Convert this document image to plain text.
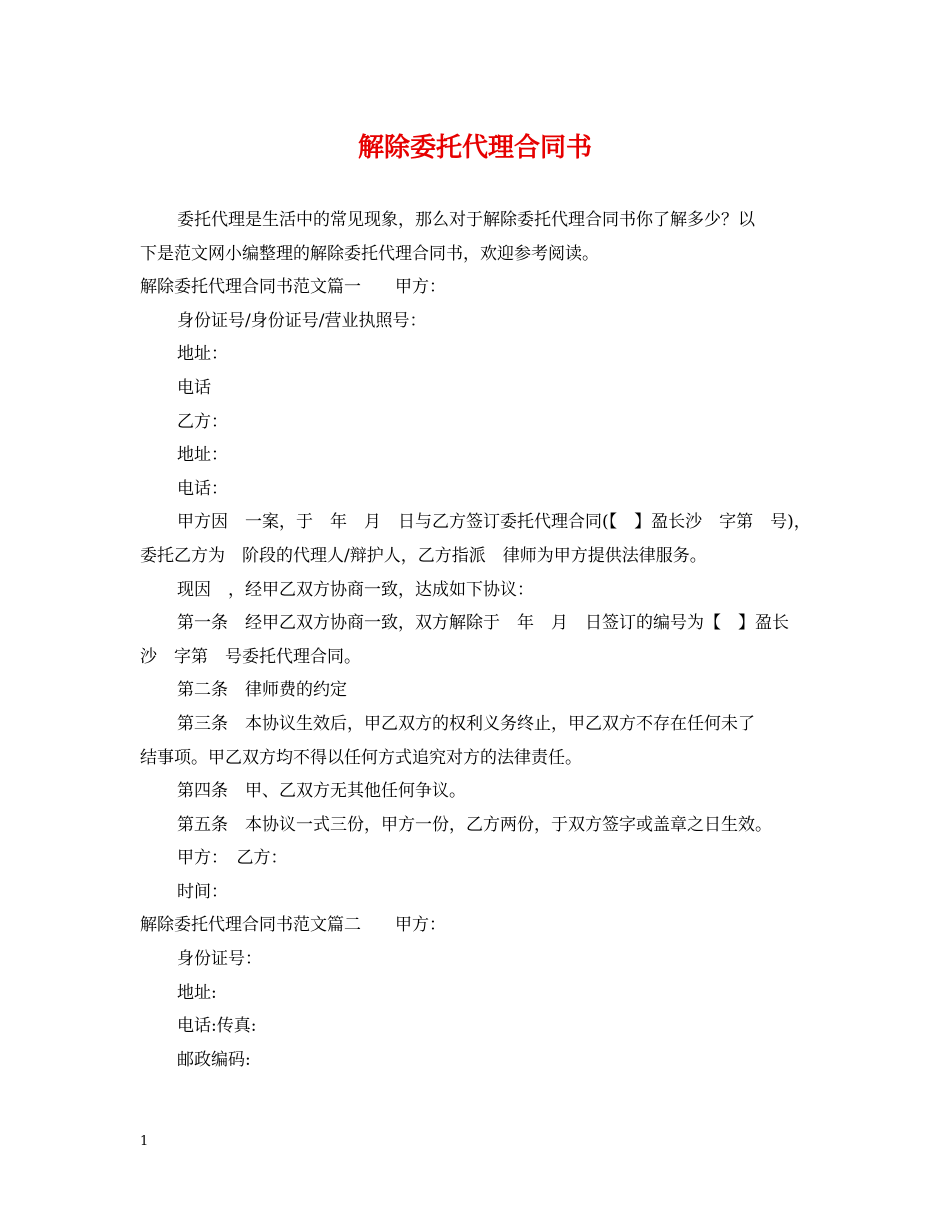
解除委托代理合同书
委托代理是生活中的常见现象，那么对于解除委托代理合同书你了解多少？以
下是范文网小编整理的解除委托代理合同书，欢迎参考阅读。
解除委托代理合同书范文篇一　　甲方：
身份证号/身份证号/营业执照号：
地址：
电话
乙方：
地址：
电话：
甲方因　一案，于　年　月　日与乙方签订委托代理合同(【　】盈长沙　字第　号)，
委托乙方为　阶段的代理人/辩护人，乙方指派　律师为甲方提供法律服务。
现因　，经甲乙双方协商一致，达成如下协议：
第一条　经甲乙双方协商一致，双方解除于　年　月　日签订的编号为【　】盈长
沙　字第　号委托代理合同。
第二条　律师费的约定
第三条　本协议生效后，甲乙双方的权利义务终止，甲乙双方不存在任何未了
结事项。甲乙双方均不得以任何方式追究对方的法律责任。
第四条　甲、乙双方无其他任何争议。
第五条　本协议一式三份，甲方一份，乙方两份，于双方签字或盖章之日生效。
甲方：　乙方：
时间：
解除委托代理合同书范文篇二　　甲方：
身份证号：
地址:
电话:传真:
邮政编码:
1
